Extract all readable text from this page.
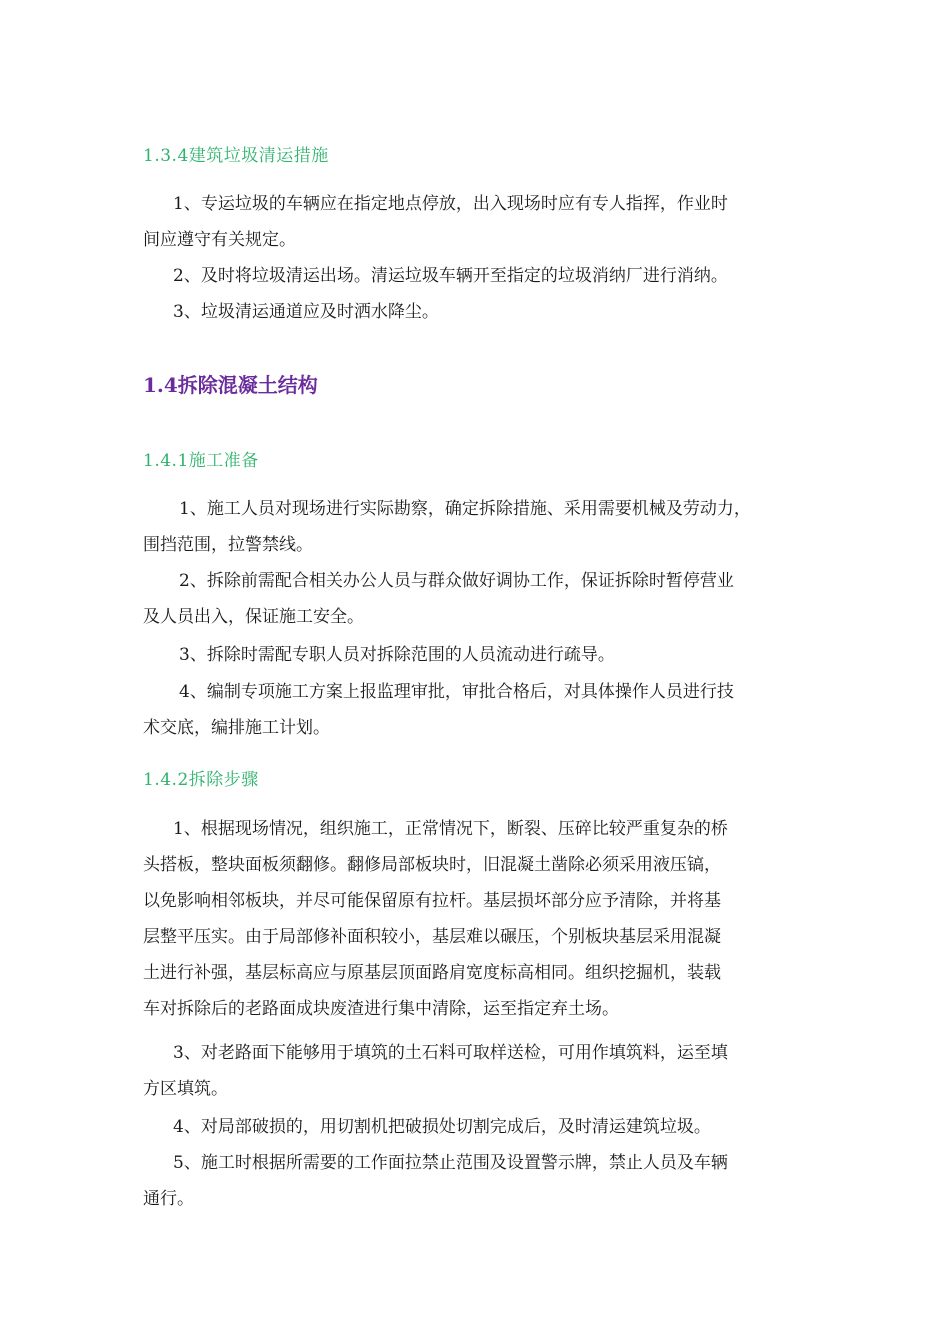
1.3.4建筑垃圾清运措施
1、专运垃圾的车辆应在指定地点停放，出入现场时应有专人指挥，作业时
间应遵守有关规定。
2、及时将垃圾清运出场。清运垃圾车辆开至指定的垃圾消纳厂进行消纳。
3、垃圾清运通道应及时洒水降尘。
1.4拆除混凝土结构
1.4.1施工准备
1、施工人员对现场进行实际勘察，确定拆除措施、采用需要机械及劳动力，
围挡范围，拉警禁线。
2、拆除前需配合相关办公人员与群众做好调协工作，保证拆除时暂停营业
及人员出入，保证施工安全。
3、拆除时需配专职人员对拆除范围的人员流动进行疏导。
4、编制专项施工方案上报监理审批，审批合格后，对具体操作人员进行技
术交底，编排施工计划。
1.4.2拆除步骤
1、根据现场情况，组织施工，正常情况下，断裂、压碎比较严重复杂的桥
头搭板，整块面板须翻修。翻修局部板块时，旧混凝土凿除必须采用液压镐，
以免影响相邻板块，并尽可能保留原有拉杆。基层损坏部分应予清除，并将基
层整平压实。由于局部修补面积较小，基层难以碾压，个别板块基层采用混凝
土进行补强，基层标高应与原基层顶面路肩宽度标高相同。组织挖掘机，装载
车对拆除后的老路面成块废渣进行集中清除，运至指定弃土场。
3、对老路面下能够用于填筑的土石料可取样送检，可用作填筑料，运至填
方区填筑。
4、对局部破损的，用切割机把破损处切割完成后，及时清运建筑垃圾。
5、施工时根据所需要的工作面拉禁止范围及设置警示牌，禁止人员及车辆
通行。
